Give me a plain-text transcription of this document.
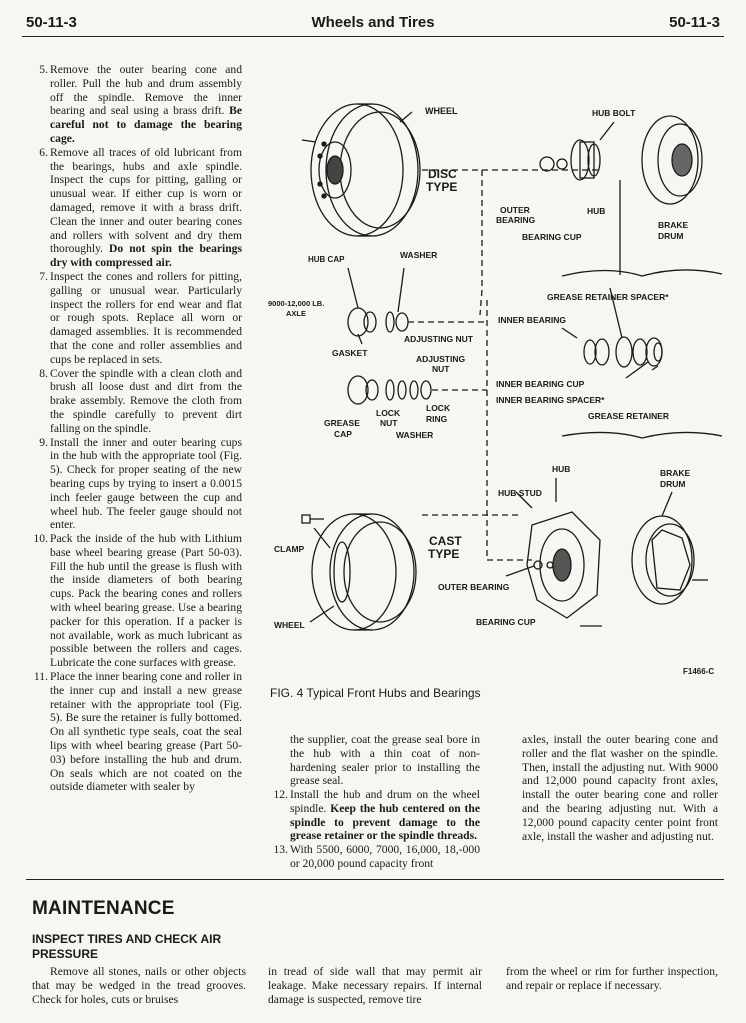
50-11-3	Wheels and Tires	50-11-3
5 . Remove the outer bearing cone and roller. Pull the hub and drum assembly off the spindle. Remove the inner bearing and seal using a brass drift. Be careful not to damage the bearing cage.
6 . Remove all traces of old lubricant from the bearings, hubs and axle spindle. Inspect the cups for pitting, galling or unusual wear. If either cup is worn or damaged, remove it with a brass drift. Clean the inner and outer bearing cones and rollers with solvent and dry them thoroughly. Do not spin the bearings dry with compressed air.
7 . Inspect the cones and rollers for pitting, galling or unusual wear. Particularly inspect the rollers for end wear and flat or rough spots. Replace all worn or damaged assemblies. It is recommended that the cone and roller assemblies and cups be replaced in sets.
8 . Cover the spindle with a clean cloth and brush all loose dust and dirt from the brake assembly. Remove the cloth from the spindle carefully to prevent dirt falling on the spindle.
9 . Install the inner and outer bearing cups in the hub with the appropriate tool (Fig. 5). Check for proper seating of the new bearing cups by trying to insert a 0.0015 inch feeler gauge between the cup and wheel hub. The feeler gauge should not enter.
10 . Pack the inside of the hub with Lithium base wheel bearing grease (Part 50-03). Fill the hub until the grease is flush with the inside diameters of both bearing cups. Pack the bearing cones and rollers with wheel bearing grease. Use a bearing packer for this operation. If a packer is not available, work as much lubricant as possible between the rollers and cages. Lubricate the cone surfaces with grease.
11 . Place the inner bearing cone and roller in the inner cup and install a new grease retainer with the appropriate tool (Fig. 5). Be sure the retainer is fully bottomed. On all synthetic type seals, coat the seal lips with wheel bearing grease (Part 50-03) before installing the hub and drum. On seals which are not coated on the outside diameter with sealer by
the supplier, coat the grease seal bore in the hub with a thin coat of non-hardening sealer prior to installing the grease seal.
12 . Install the hub and drum on the wheel spindle. Keep the hub centered on the spindle to prevent damage to the grease retainer or the spindle threads.
13 . With 5500, 6000, 7000, 16,000, 18,-000 or 20,000 pound capacity front
axles, install the outer bearing cone and roller and the flat washer on the spindle. Then, install the adjusting nut. With 9000 and 12,000 pound capacity front axles, install the outer bearing cone and roller and the bearing adjusting nut. With a 12,000 pound capacity center point front axle, install the washer and adjusting nut.
WHEEL
DISC
TYPE
HUB BOLT
HUB
OUTER
BEARING
BEARING CUP
BRAKE
DRUM
HUB CAP	WASHER
9000-12,000 LB.
AXLE
ADJUSTING NUT
GASKET
ADJUSTING
NUT
GREASE
CAP
LOCK
NUT
LOCK
RING
WASHER
GREASE RETAINER SPACER*
INNER BEARING
INNER BEARING CUP
INNER BEARING SPACER*
GREASE RETAINER
HUB	BRAKE
DRUM
HUB STUD
CLAMP
CAST
TYPE
OUTER BEARING
WHEEL	BEARING CUP
F1466-C
FIG. 4 Typical Front Hubs and Bearings
MAINTENANCE
INSPECT TIRES AND CHECK AIR PRESSURE
Remove all stones, nails or other objects that may be wedged in the tread grooves. Check for holes, cuts or bruises
in tread of side wall that may permit air leakage. Make necessary repairs. If internal damage is suspected, remove tire
from the wheel or rim for further inspection, and repair or replace if necessary.
